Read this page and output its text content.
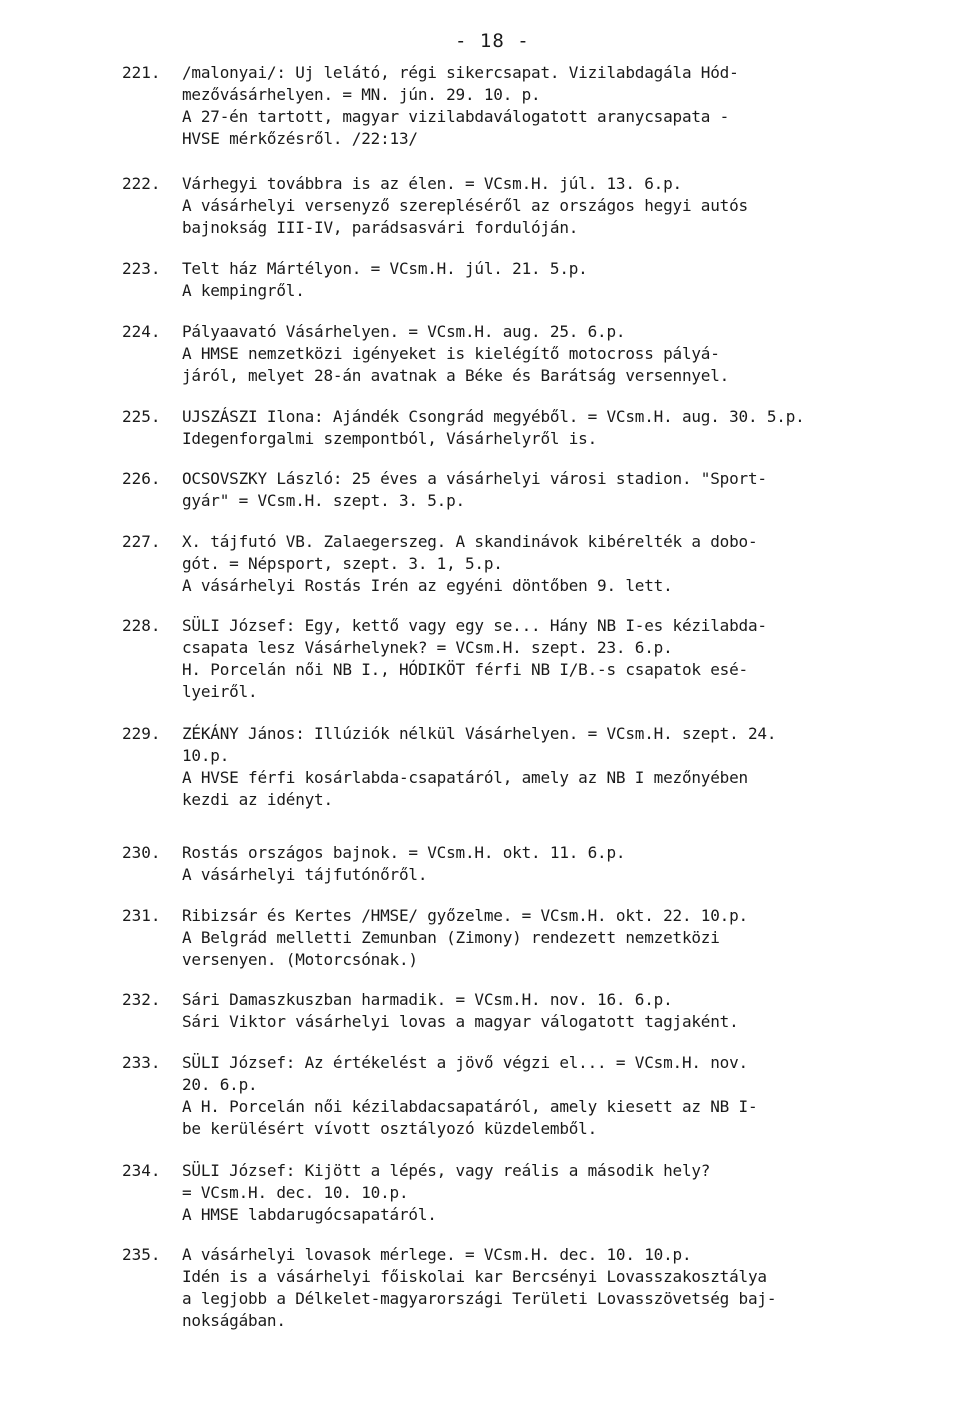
- 18 -
221. /malonyai/: Uj lelátó, régi sikercsapat. Vizilabdagála Hód-
mezővásárhelyen. = MN. jún. 29. 10. p.
A 27-én tartott, magyar vizilabdaválogatott aranycsapata -
HVSE mérkőzésről. /22:13/
222. Várhegyi továbbra is az élen. = VCsm.H. júl. 13. 6.p.
A vásárhelyi versenyző szerepléséről az országos hegyi autós
bajnokság III-IV, parádsasvári fordulóján.
223. Telt ház Mártélyon. = VCsm.H. júl. 21. 5.p.
A kempingről.
224. Pályaavató Vásárhelyen. = VCsm.H. aug. 25. 6.p.
A HMSE nemzetközi igényeket is kielégítő motocross pályá-
járól, melyet 28-án avatnak a Béke és Barátság versennyel.
225. UJSZÁSZI Ilona: Ajándék Csongrád megyéből. = VCsm.H. aug. 30. 5.p.
Idegenforgalmi szempontból, Vásárhelyről is.
226. OCSOVSZKY László: 25 éves a vásárhelyi városi stadion. "Sport-
gyár" = VCsm.H. szept. 3. 5.p.
227. X. tájfutó VB. Zalaegerszeg. A skandinávok kibérelték a dobo-
gót. = Népsport, szept. 3. 1, 5.p.
A vásárhelyi Rostás Irén az egyéni döntőben 9. lett.
228. SÜLI József: Egy, kettő vagy egy se... Hány NB I-es kézilabda-
csapata lesz Vásárhelynek? = VCsm.H. szept. 23. 6.p.
H. Porcelán női NB I., HÓDIKÖT férfi NB I/B.-s csapatok esé-
lyeiről.
229. ZÉKÁNY János: Illúziók nélkül Vásárhelyen. = VCsm.H. szept. 24.
10.p.
A HVSE férfi kosárlabda-csapatáról, amely az NB I mezőnyében
kezdi az idényt.
230. Rostás országos bajnok. = VCsm.H. okt. 11. 6.p.
A vásárhelyi tájfutónőről.
231. Ribizsár és Kertes /HMSE/ győzelme. = VCsm.H. okt. 22. 10.p.
A Belgrád melletti Zemunban (Zimony) rendezett nemzetközi
versenyen. (Motorcsónak.)
232. Sári Damaszkuszban harmadik. = VCsm.H. nov. 16. 6.p.
Sári Viktor vásárhelyi lovas a magyar válogatott tagjaként.
233. SÜLI József: Az értékelést a jövő végzi el... = VCsm.H. nov.
20. 6.p.
A H. Porcelán női kézilabdacsapatáról, amely kiesett az NB I-
be kerülésért vívott osztályozó küzdelemből.
234. SÜLI József: Kijött a lépés, vagy reális a második hely?
= VCsm.H. dec. 10. 10.p.
A HMSE labdarugócsapatáról.
235. A vásárhelyi lovasok mérlege. = VCsm.H. dec. 10. 10.p.
Idén is a vásárhelyi főiskolai kar Bercsényi Lovasszakosztálya
a legjobb a Délkelet-magyarországi Területi Lovasszövetség baj-
nokságában.
